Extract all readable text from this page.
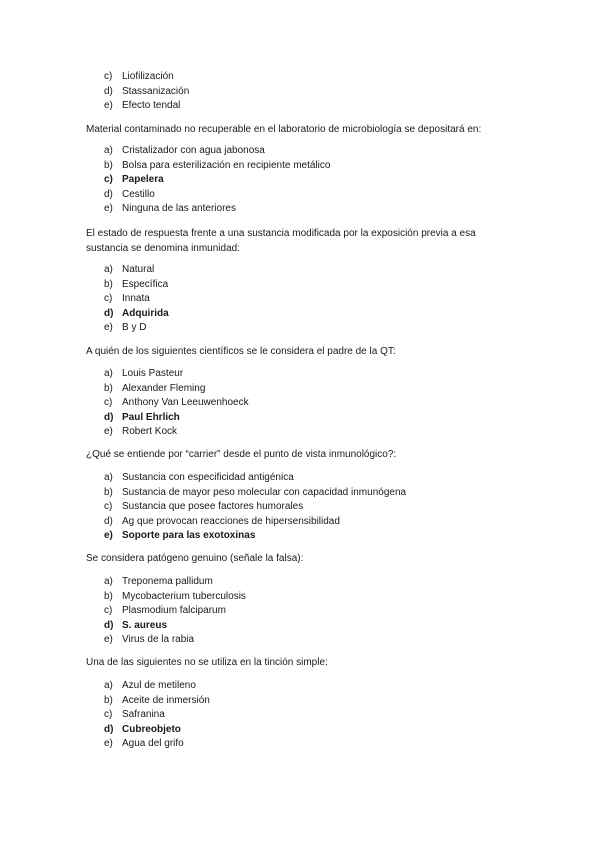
c) Liofilización
d) Stassanización
e) Efecto tendal

Material contaminado no recuperable en el laboratorio de microbiología se depositará en:

a) Cristalizador con agua jabonosa
b) Bolsa para esterilización en recipiente metálico
c) Papelera
d) Cestillo
e) Ninguna de las anteriores

El estado de respuesta frente a una sustancia modificada por la exposición previa a esa sustancia se denomina inmunidad:

a) Natural
b) Específica
c) Innata
d) Adquirida
e) B y D

A quién de los siguientes científicos se le considera el padre de la QT:

a) Louis Pasteur
b) Alexander Fleming
c) Anthony Van Leeuwenhoeck
d) Paul Ehrlich
e) Robert Kock

¿Qué se entiende por “carrier” desde el punto de vista inmunológico?:

a) Sustancia con especificidad antigénica
b) Sustancia de mayor peso molecular con capacidad inmunógena
c) Sustancia que posee factores humorales
d) Ag que provocan reacciones de hipersensibilidad
e) Soporte para las exotoxinas

Se considera patógeno genuino (señale la falsa):

a) Treponema pallidum
b) Mycobacterium tuberculosis
c) Plasmodium falciparum
d) S. aureus
e) Virus de la rabia

Una de las siguientes no se utiliza en la tinción simple:

a) Azul de metileno
b) Aceite de inmersión
c) Safranina
d) Cubreobjeto
e) Agua del grifo
